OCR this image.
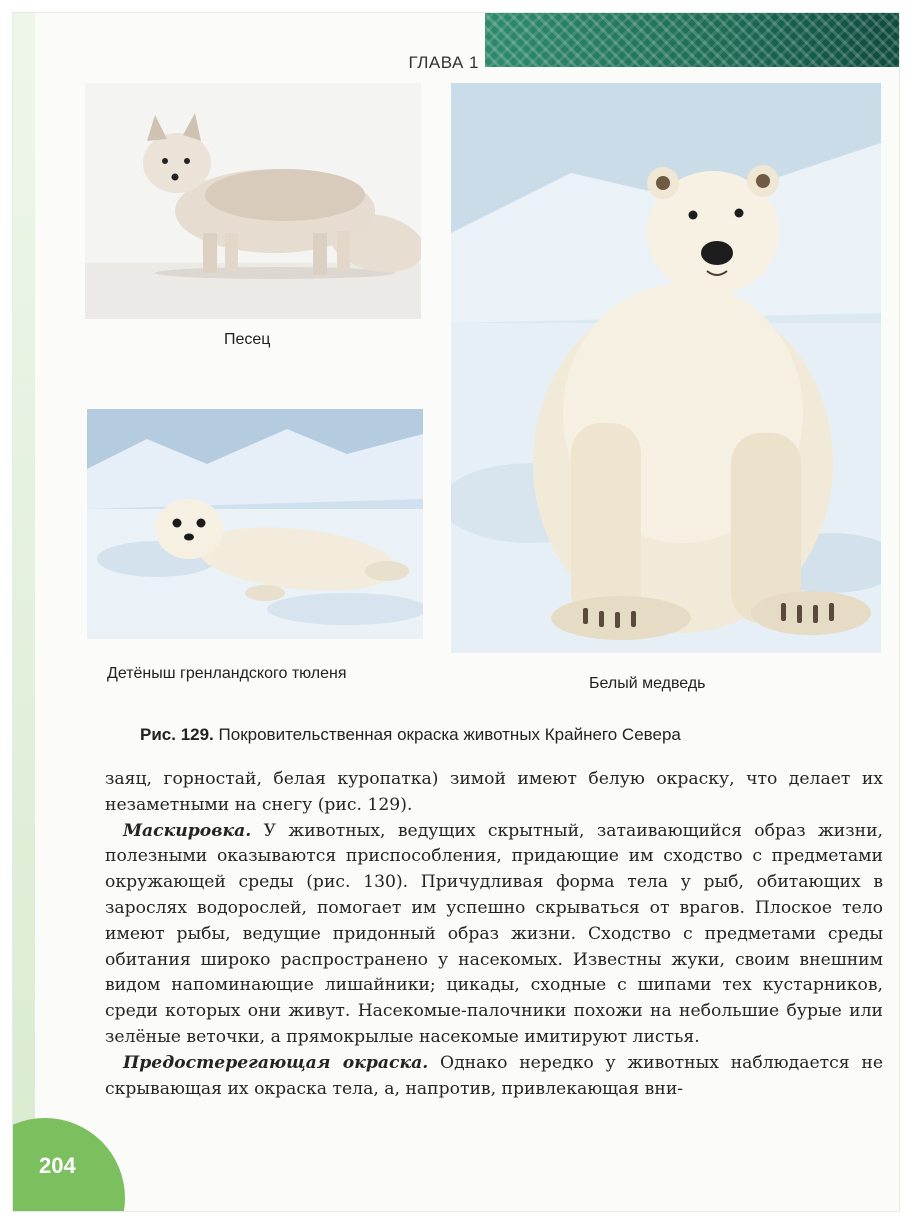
ГЛАВА 1
Песец
Детёныш гренландского тюленя
Белый медведь
Рис. 129. Покровительственная окраска животных Крайнего Севера

заяц, горностай, белая куропатка) зимой имеют белую окраску, что делает их незаметными на снегу (рис. 129).

Маскировка. У животных, ведущих скрытный, затаивающийся образ жизни, полезными оказываются приспособления, придающие им сходство с предметами окружающей среды (рис. 130). Причудливая форма тела у рыб, обитающих в зарослях водорослей, помогает им успешно скрываться от врагов. Плоское тело имеют рыбы, ведущие придонный образ жизни. Сходство с предметами среды обитания широко распространено у насекомых. Известны жуки, своим внешним видом напоминающие лишайники; цикады, сходные с шипами тех кустарников, среди которых они живут. Насекомые-палочники похожи на небольшие бурые или зелёные веточки, а прямокрылые насекомые имитируют листья.

Предостерегающая окраска. Однако нередко у животных наблюдается не скрывающая их окраска тела, а, напротив, привлекающая вни-

204
